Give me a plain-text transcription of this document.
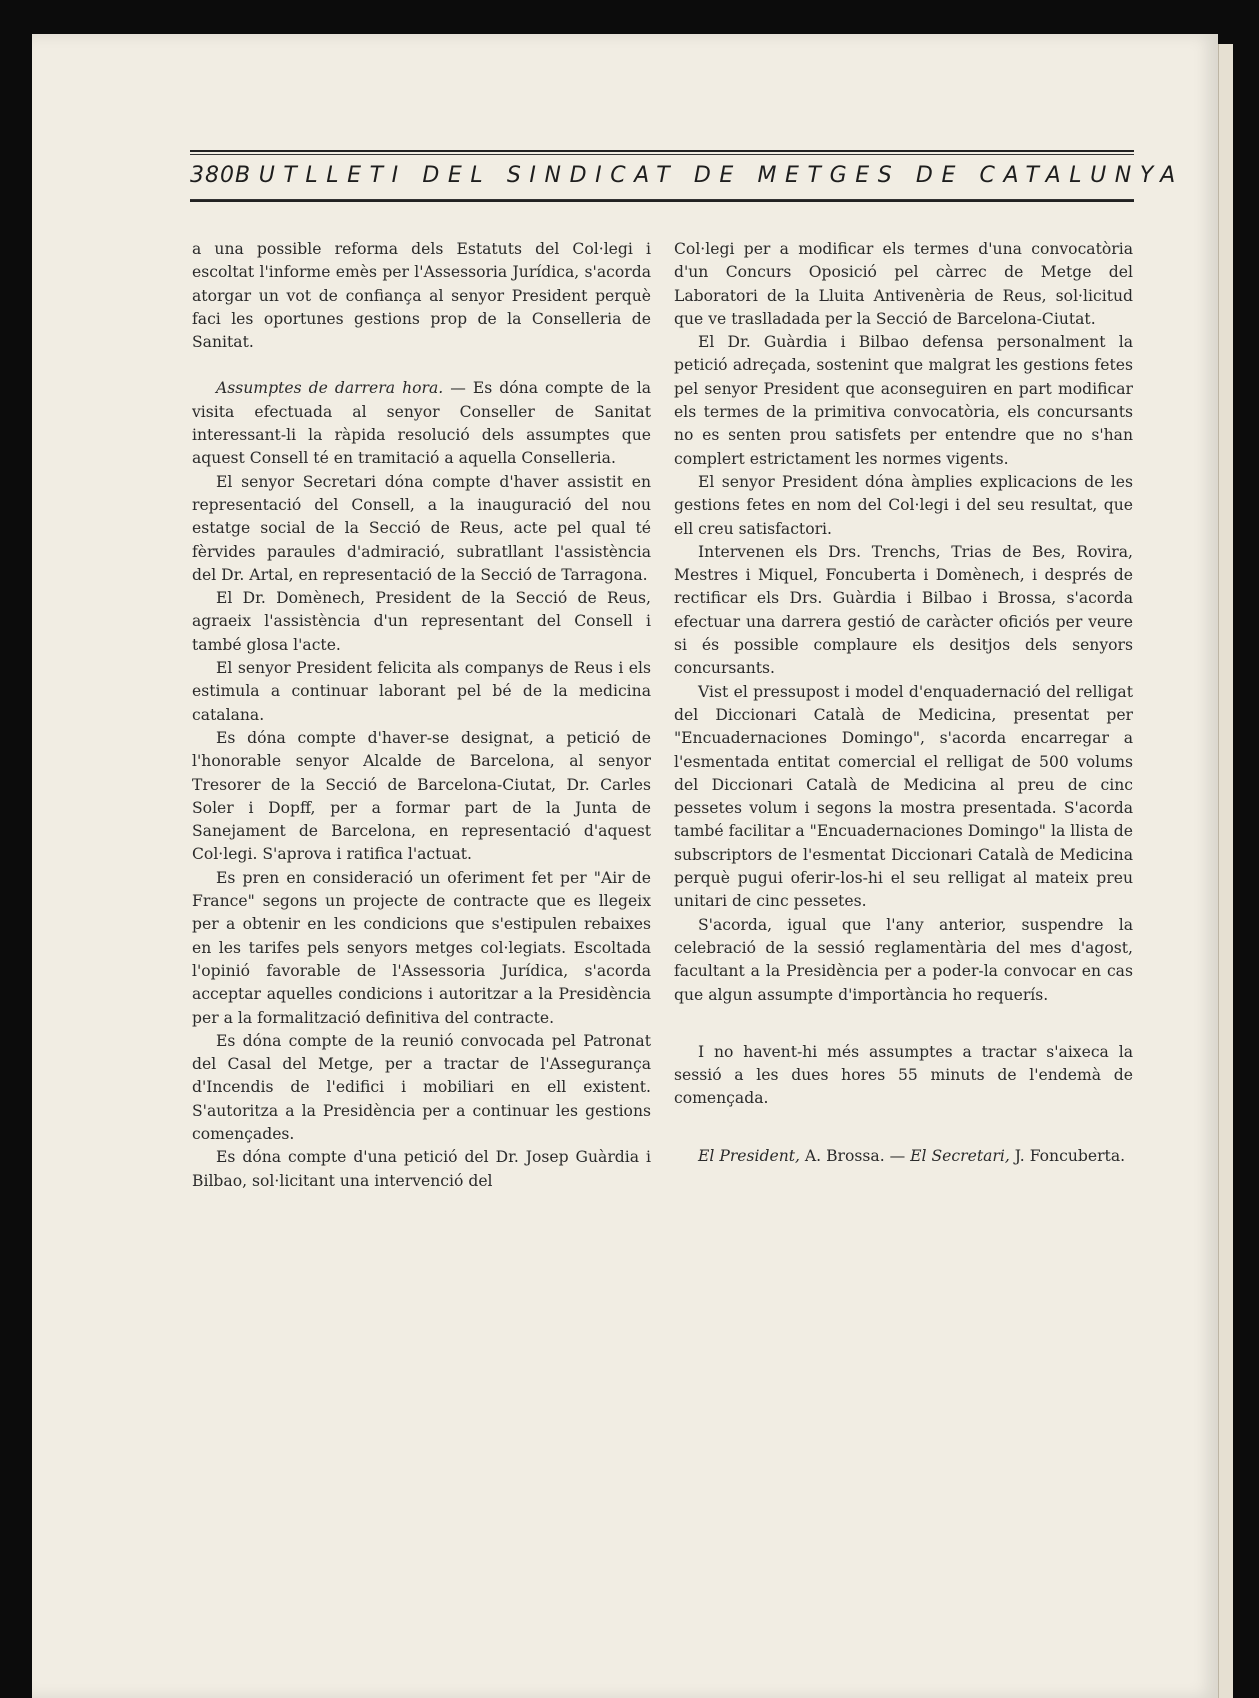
380 BUTLLETI DEL SINDICAT DE METGES DE CATALUNYA

a una possible reforma dels Estatuts del Col·legi i escoltat l'informe emès per l'Assessoria Jurídica, s'acorda atorgar un vot de confiança al senyor President perquè faci les oportunes gestions prop de la Conselleria de Sanitat.

Assumptes de darrera hora. — Es dóna compte de la visita efectuada al senyor Conseller de Sanitat interessant-li la ràpida resolució dels assumptes que aquest Consell té en tramitació a aquella Conselleria.

El senyor Secretari dóna compte d'haver assistit en representació del Consell, a la inauguració del nou estatge social de la Secció de Reus, acte pel qual té fèrvides paraules d'admiració, subratllant l'assistència del Dr. Artal, en representació de la Secció de Tarragona.

El Dr. Domènech, President de la Secció de Reus, agraeix l'assistència d'un representant del Consell i també glosa l'acte.

El senyor President felicita als companys de Reus i els estimula a continuar laborant pel bé de la medicina catalana.

Es dóna compte d'haver-se designat, a petició de l'honorable senyor Alcalde de Barcelona, al senyor Tresorer de la Secció de Barcelona-Ciutat, Dr. Carles Soler i Dopff, per a formar part de la Junta de Sanejament de Barcelona, en representació d'aquest Col·legi. S'aprova i ratifica l'actuat.

Es pren en consideració un oferiment fet per "Air de France" segons un projecte de contracte que es llegeix per a obtenir en les condicions que s'estipulen rebaixes en les tarifes pels senyors metges col·legiats. Escoltada l'opinió favorable de l'Assessoria Jurídica, s'acorda acceptar aquelles condicions i autoritzar a la Presidència per a la formalització definitiva del contracte.

Es dóna compte de la reunió convocada pel Patronat del Casal del Metge, per a tractar de l'Assegurança d'Incendis de l'edifici i mobiliari en ell existent. S'autoritza a la Presidència per a continuar les gestions començades.

Es dóna compte d'una petició del Dr. Josep Guàrdia i Bilbao, sol·licitant una intervenció del

Col·legi per a modificar els termes d'una convocatòria d'un Concurs Oposició pel càrrec de Metge del Laboratori de la Lluita Antivenèria de Reus, sol·licitud que ve traslladada per la Secció de Barcelona-Ciutat.

El Dr. Guàrdia i Bilbao defensa personalment la petició adreçada, sostenint que malgrat les gestions fetes pel senyor President que aconseguiren en part modificar els termes de la primitiva convocatòria, els concursants no es senten prou satisfets per entendre que no s'han complert estrictament les normes vigents.

El senyor President dóna àmplies explicacions de les gestions fetes en nom del Col·legi i del seu resultat, que ell creu satisfactori.

Intervenen els Drs. Trenchs, Trias de Bes, Rovira, Mestres i Miquel, Foncuberta i Domènech, i després de rectificar els Drs. Guàrdia i Bilbao i Brossa, s'acorda efectuar una darrera gestió de caràcter oficiós per veure si és possible complaure els desitjos dels senyors concursants.

Vist el pressupost i model d'enquadernació del relligat del Diccionari Català de Medicina, presentat per "Encuadernaciones Domingo", s'acorda encarregar a l'esmentada entitat comercial el relligat de 500 volums del Diccionari Català de Medicina al preu de cinc pessetes volum i segons la mostra presentada. S'acorda també facilitar a "Encuadernaciones Domingo" la llista de subscriptors de l'esmentat Diccionari Català de Medicina perquè pugui oferir-los-hi el seu relligat al mateix preu unitari de cinc pessetes.

S'acorda, igual que l'any anterior, suspendre la celebració de la sessió reglamentària del mes d'agost, facultant a la Presidència per a poder-la convocar en cas que algun assumpte d'importància ho requerís.

I no havent-hi més assumptes a tractar s'aixeca la sessió a les dues hores 55 minuts de l'endemà de començada.

El President, A. Brossa. — El Secretari, J. Foncuberta.
